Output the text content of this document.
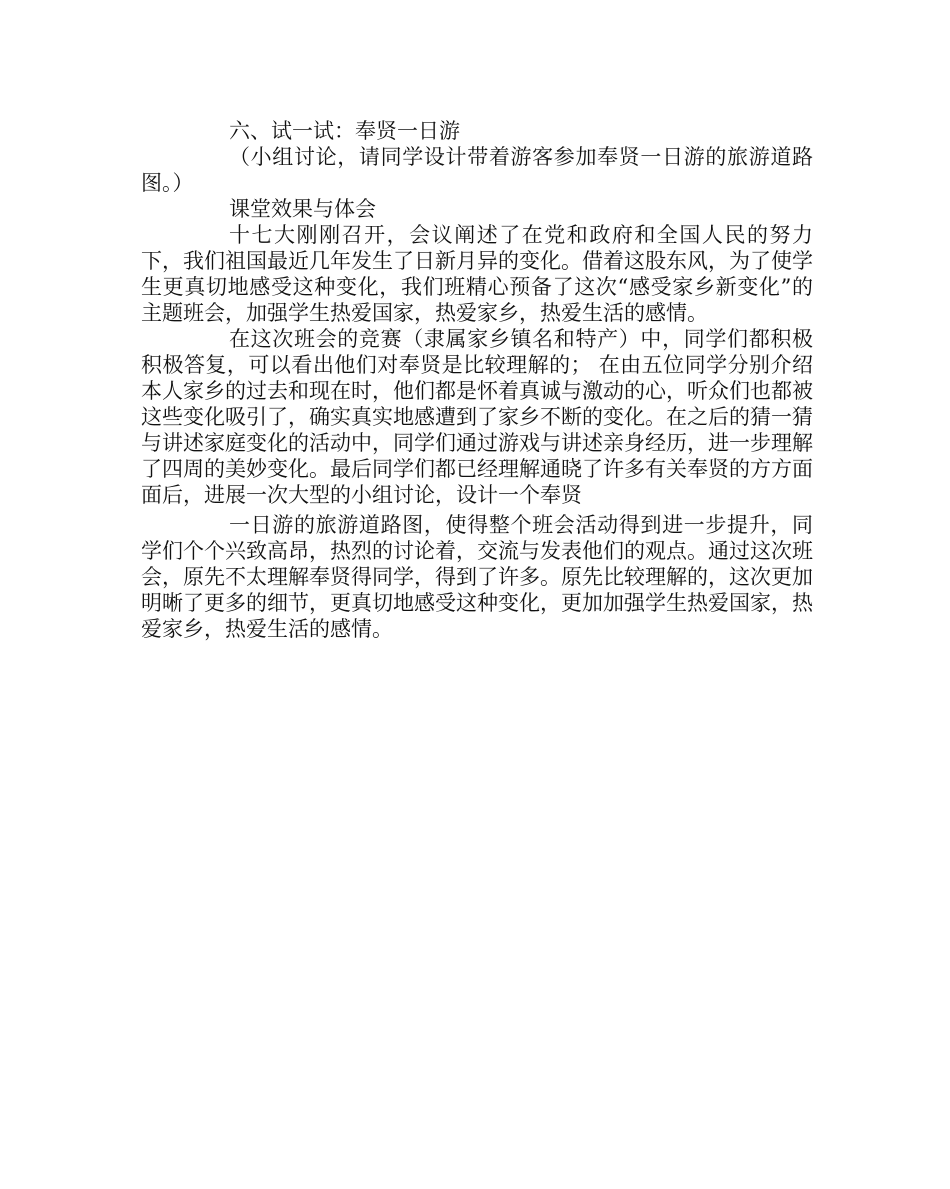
六、试一试：奉贤一日游

（小组讨论，请同学设计带着游客参加奉贤一日游的旅游道路图。）

课堂效果与体会

十七大刚刚召开，会议阐述了在党和政府和全国人民的努力下，我们祖国最近几年发生了日新月异的变化。借着这股东风，为了使学生更真切地感受这种变化，我们班精心预备了这次“感受家乡新变化”的主题班会，加强学生热爱国家，热爱家乡，热爱生活的感情。

在这次班会的竞赛（隶属家乡镇名和特产）中，同学们都积极积极答复，可以看出他们对奉贤是比较理解的； 在由五位同学分别介绍本人家乡的过去和现在时，他们都是怀着真诚与激动的心，听众们也都被这些变化吸引了，确实真实地感遭到了家乡不断的变化。在之后的猜一猜与讲述家庭变化的活动中，同学们通过游戏与讲述亲身经历，进一步理解了四周的美妙变化。最后同学们都已经理解通晓了许多有关奉贤的方方面面后，进展一次大型的小组讨论，设计一个奉贤

一日游的旅游道路图，使得整个班会活动得到进一步提升，同学们个个兴致高昂，热烈的讨论着，交流与发表他们的观点。通过这次班会，原先不太理解奉贤得同学，得到了许多。原先比较理解的，这次更加明晰了更多的细节，更真切地感受这种变化，更加加强学生热爱国家，热爱家乡，热爱生活的感情。
